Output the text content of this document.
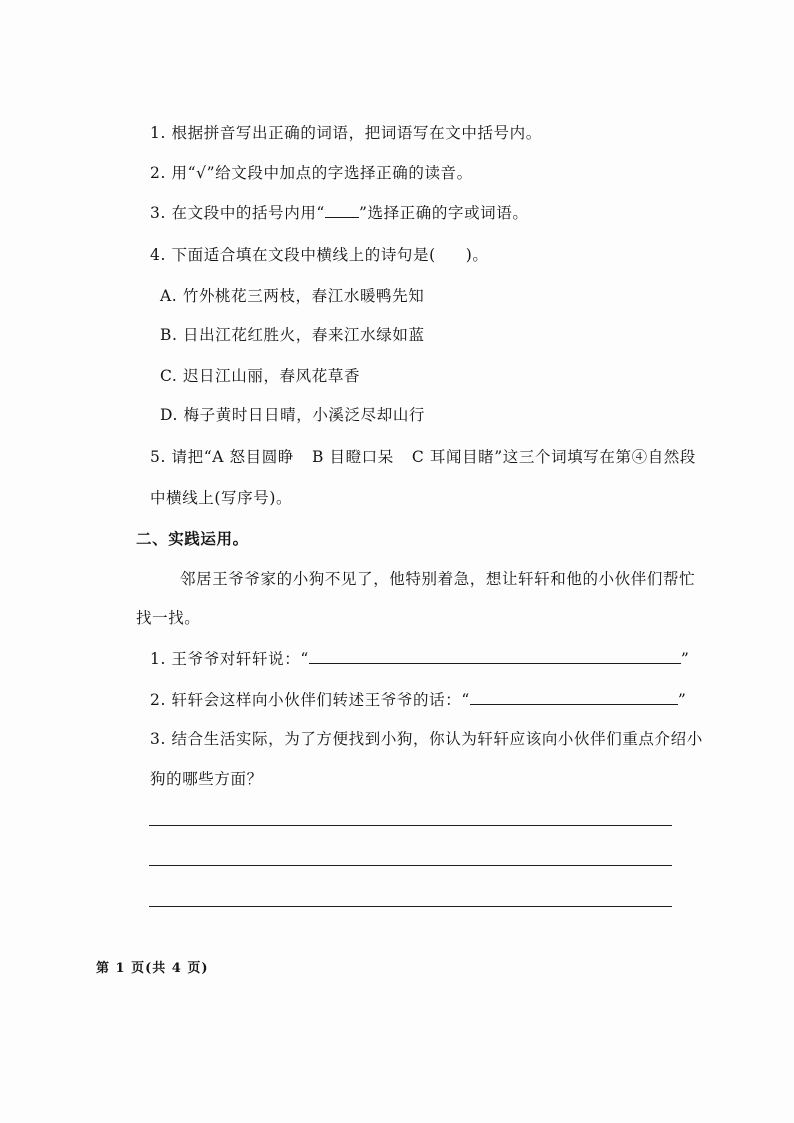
1. 根据拼音写出正确的词语，把词语写在文中括号内。
2. 用“√”给文段中加点的字选择正确的读音。
3. 在文段中的括号内用“ ”选择正确的字或词语。
4. 下面适合填在文段中横线上的诗句是( )。
A. 竹外桃花三两枝，春江水暖鸭先知
B. 日出江花红胜火，春来江水绿如蓝
C. 迟日江山丽，春风花草香
D. 梅子黄时日日晴，小溪泛尽却山行
5. 请把“A 怒目圆睁 B 目瞪口呆 C 耳闻目睹”这三个词填写在第④自然段
中横线上(写序号)。
二、实践运用。
邻居王爷爷家的小狗不见了，他特别着急，想让轩轩和他的小伙伴们帮忙
找一找。
1. 王爷爷对轩轩说：“	”
2. 轩轩会这样向小伙伴们转述王爷爷的话：“	”
3. 结合生活实际，为了方便找到小狗，你认为轩轩应该向小伙伴们重点介绍小
狗的哪些方面？
第 1 页(共 4 页)
